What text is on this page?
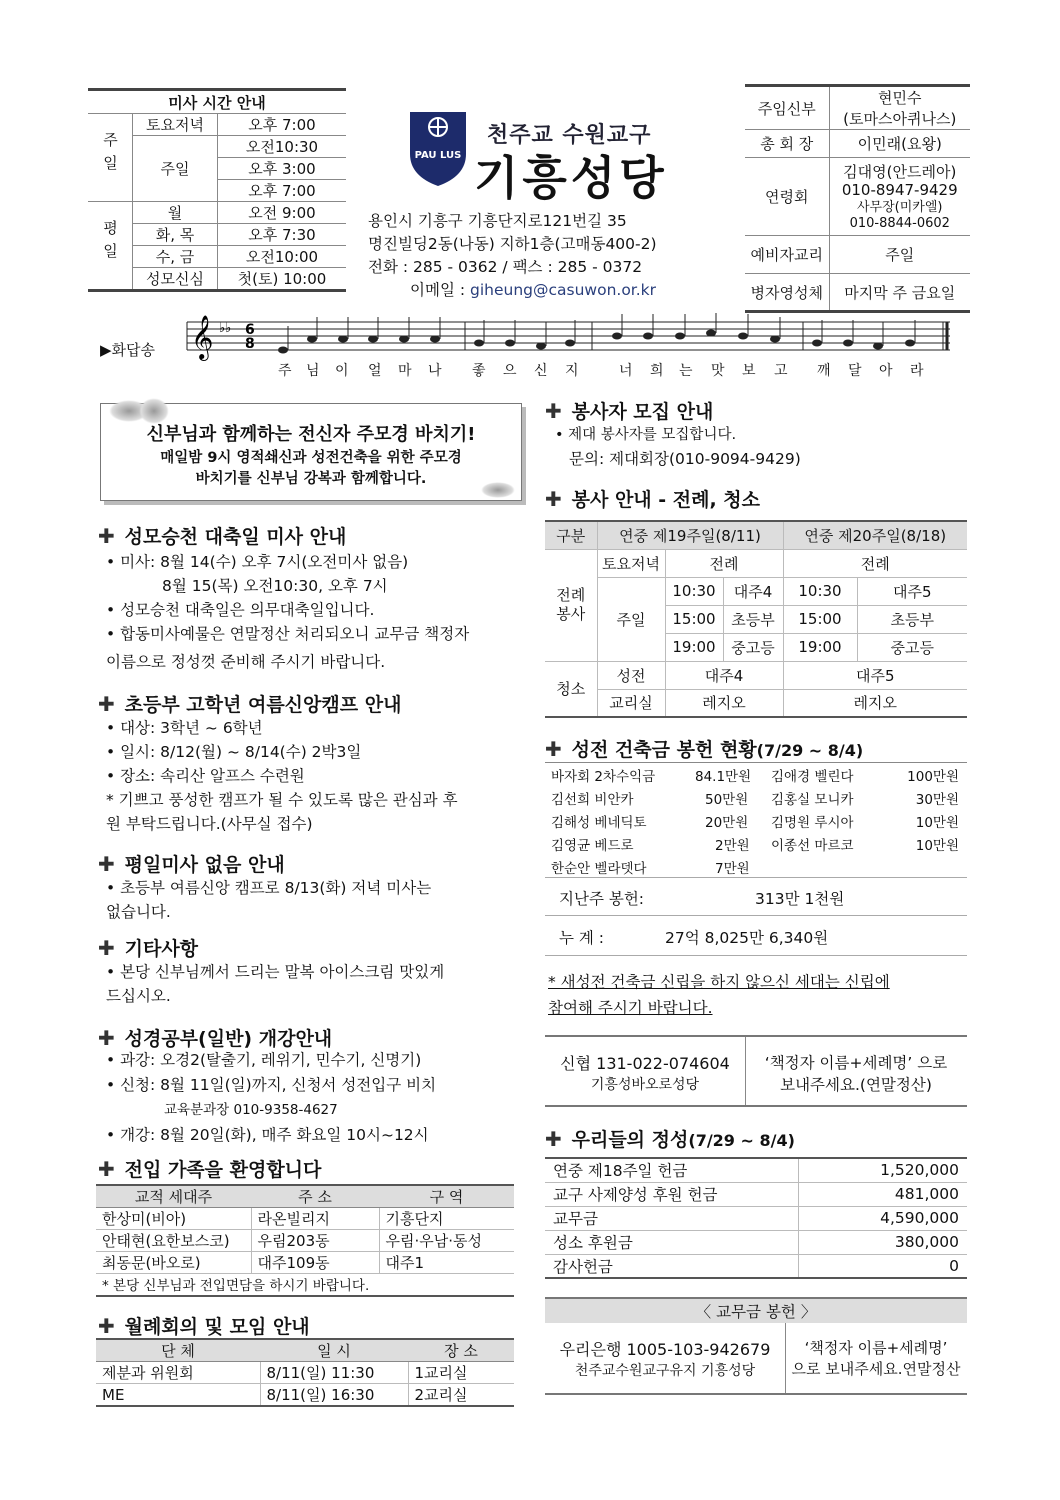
미사 시간 안내		
주일	토요저녁	오후 7:00
	주일	오전10:30
		오후 3:00
		오후 7:00
평일	월	오전 9:00
	화, 목	오후 7:30
	수, 금	오전10:00
	성모신심	첫(토) 10:00
PAU LUS
천주교 수원교구
기흥성당
용인시 기흥구 기흥단지로121번길 35
명진빌딩2동(나동) 지하1층(고매동400-2)
전화 : 285 - 0362 / 팩스 : 285 - 0372
이메일 : giheung@casuwon.or.kr
주임신부	현민수
(토마스아퀴나스)

총 회 장	이민래(요왕)
연령회	김대영(안드레아)
010-8947-9429
사무장(미카엘)
010-8844-0602

예비자교리	주일
병자영성체	마지막 주 금요일
▶화답송 𝄞 ♭♭ 6
8
주 님 이 얼 마 나 좋 으 신 지	너 희 는 맛 보 고 깨 달 아 라
신부님과 함께하는 전신자 주모경 바치기!
매일밤 9시 영적쇄신과 성전건축을 위한 주모경
바치기를 신부님 강복과 함께합니다.
✚ 성모승천 대축일 미사 안내
• 미사: 8월 14(수) 오후 7시(오전미사 없음)
8월 15(목) 오전10:30, 오후 7시
• 성모승천 대축일은 의무대축일입니다.
• 합동미사예물은 연말정산 처리되오니 교무금 책정자
이름으로 정성껏 준비해 주시기 바랍니다.
✚ 초등부 고학년 여름신앙캠프 안내
• 대상: 3학년 ~ 6학년
• 일시: 8/12(월) ~ 8/14(수) 2박3일
• 장소: 속리산 알프스 수련원
* 기쁘고 풍성한 캠프가 될 수 있도록 많은 관심과 후
원 부탁드립니다.(사무실 접수)
✚ 평일미사 없음 안내
• 초등부 여름신앙 캠프로 8/13(화) 저녁 미사는
없습니다.
✚ 기타사항
• 본당 신부님께서 드리는 말복 아이스크림 맛있게
드십시오.
✚ 성경공부(일반) 개강안내
• 과강: 오경2(탈출기, 레위기, 민수기, 신명기)
• 신청: 8월 11일(일)까지, 신청서 성전입구 비치
교육분과장 010-9358-4627
• 개강: 8월 20일(화), 매주 화요일 10시~12시
✚ 전입 가족을 환영합니다
교적 세대주	주 소	구 역
한상미(비아)	라온빌리지	기흥단지
안태현(요한보스코)	우림203동	우림·우남·동성
최동문(바오로)	대주109동	대주1
* 본당 신부님과 전입면담을 하시기 바랍니다.		
✚ 월례회의 및 모임 안내
단 체	일 시	장 소
제분과 위원회	8/11(일) 11:30	1교리실
ME	8/11(일) 16:30	2교리실
✚ 봉사자 모집 안내
• 제대 봉사자를 모집합니다.
문의: 제대회장(010-9094-9429)
✚ 봉사 안내 - 전례, 청소
구분	연중 제19주일(8/11)			연중 제20주일(8/18)	
전례
봉사	토요저녁	전례		전례	
	주일	10:30	대주4	10:30	대주5
		15:00	초등부	15:00	초등부
		19:00	중고등	19:00	중고등
청소	성전	대주4		대주5	
	교리실	레지오		레지오	
✚ 성전 건축금 봉헌 현황(7/29 ~ 8/4)
바자회 2차수익금	84.1만원 김애경 벨린다	100만원
김선희 비안카	50만원 김홍실 모니카	30만원
김해성 베네딕토	20만원 김명원 루시아	10만원
김영균 베드로	2만원 이종선 마르코	10만원
한순안 벨라뎃다	7만원
지난주 봉헌:	313만 1천원
누 계 :	27억 8,025만 6,340원
* 새성전 건축금 신립을 하지 않으신 세대는 신립에
참여해 주시기 바랍니다.
신협 131-022-074604
기흥성바오로성당
‘책정자 이름+세례명’ 으로
보내주세요.(연말정산)
✚ 우리들의 정성(7/29 ~ 8/4)
연중 제18주일 헌금	1,520,000
교구 사제양성 후원 헌금	481,000
교무금	4,590,000
성소 후원금	380,000
감사헌금	0
〈 교무금 봉헌 〉
우리은행 1005-103-942679
천주교수원교구유지 기흥성당
‘책정자 이름+세례명’
으로 보내주세요.연말정산
